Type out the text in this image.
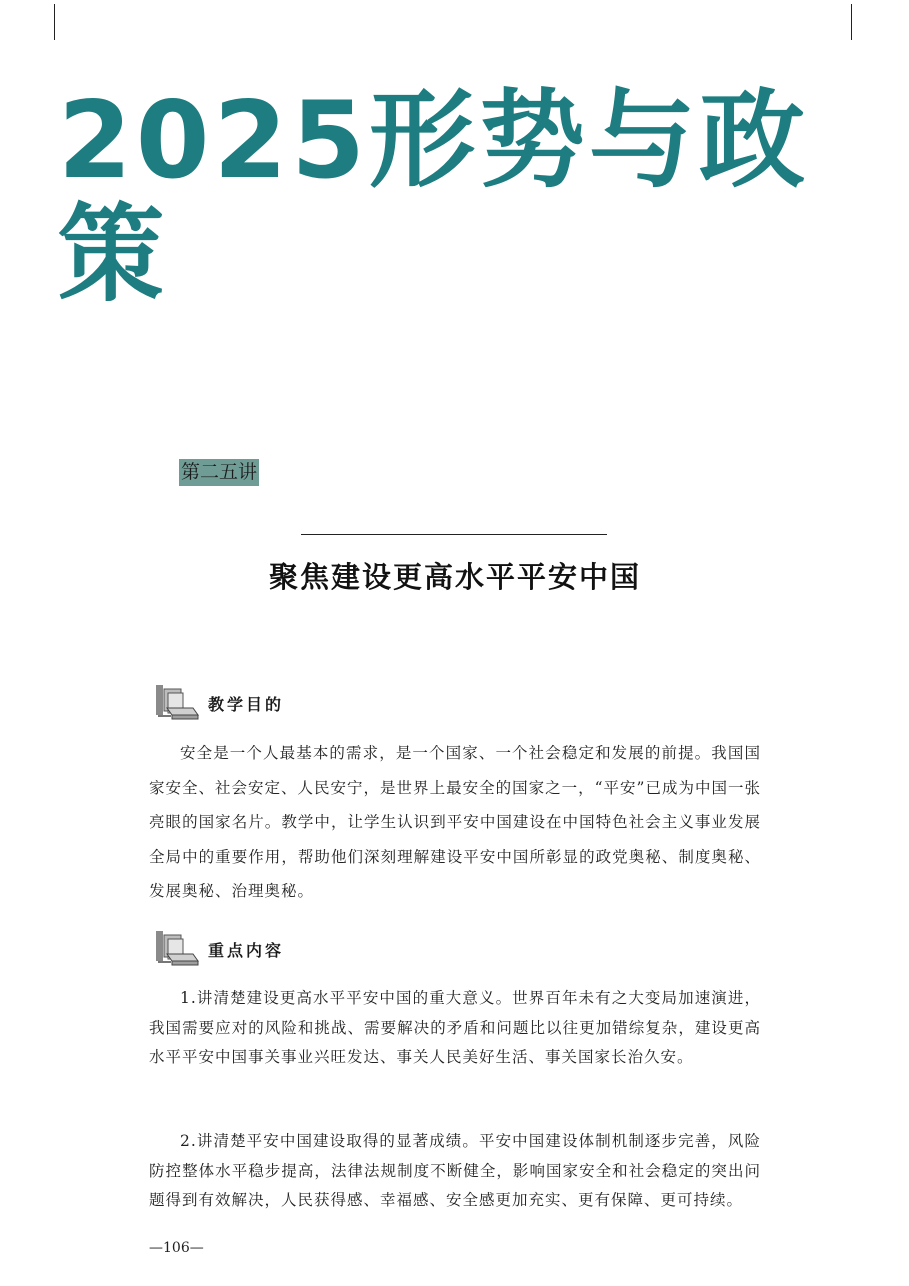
2025形势与政策
第二五讲
聚焦建设更高水平平安中国
教学目的

安全是一个人最基本的需求，是一个国家、一个社会稳定和发展的前提。我国国家安全、社会安定、人民安宁，是世界上最安全的国家之一，“平安”已成为中国一张亮眼的国家名片。教学中，让学生认识到平安中国建设在中国特色社会主义事业发展全局中的重要作用，帮助他们深刻理解建设平安中国所彰显的政党奥秘、制度奥秘、发展奥秘、治理奥秘。

重点内容

1.讲清楚建设更高水平平安中国的重大意义。世界百年未有之大变局加速演进，我国需要应对的风险和挑战、需要解决的矛盾和问题比以往更加错综复杂，建设更高水平平安中国事关事业兴旺发达、事关人民美好生活、事关国家长治久安。

2.讲清楚平安中国建设取得的显著成绩。平安中国建设体制机制逐步完善，风险防控整体水平稳步提高，法律法规制度不断健全，影响国家安全和社会稳定的突出问题得到有效解决，人民获得感、幸福感、安全感更加充实、更有保障、更可持续。

—106—
